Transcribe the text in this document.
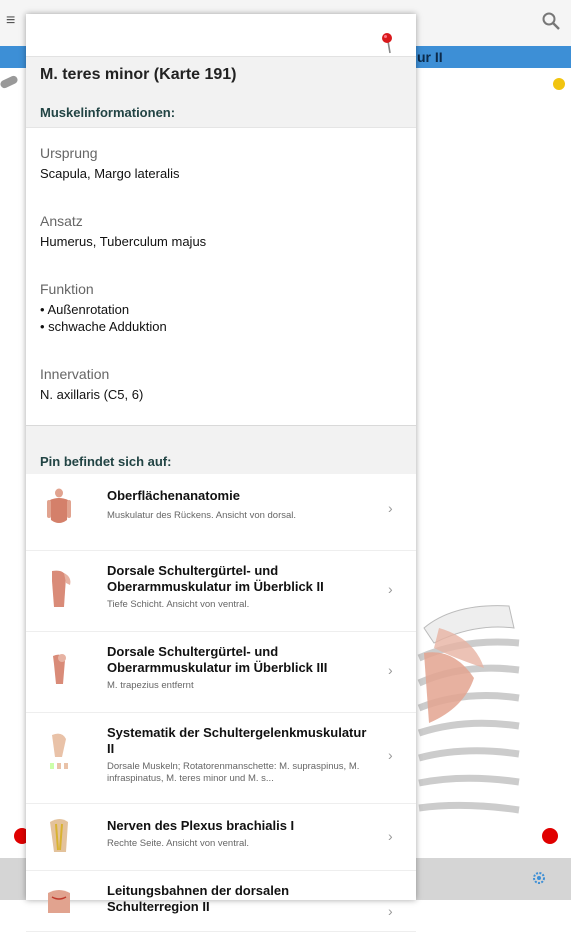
≡
ur II
M. teres minor (Karte 191)
Muskelinformationen:
Ursprung
Scapula, Margo lateralis
Ansatz
Humerus, Tuberculum majus
Funktion
• Außenrotation
• schwache Adduktion
Innervation
N. axillaris (C5, 6)
Pin befindet sich auf:
Oberflächenanatomie
Muskulatur des Rückens. Ansicht von dorsal.	›
Dorsale Schultergürtel- und Oberarmmuskulatur im Überblick II
Tiefe Schicht. Ansicht von ventral.
›
Dorsale Schultergürtel- und Oberarmmuskulatur im Überblick III
M. trapezius entfernt
›
Systematik der Schultergelenkmuskulatur II
Dorsale Muskeln; Rotatorenmanschette: M. supraspinus, M. infraspinatus, M. teres minor und M. s...
›
Nerven des Plexus brachialis I
Rechte Seite. Ansicht von ventral.	›
Leitungsbahnen der dorsalen Schulterregion II	›
